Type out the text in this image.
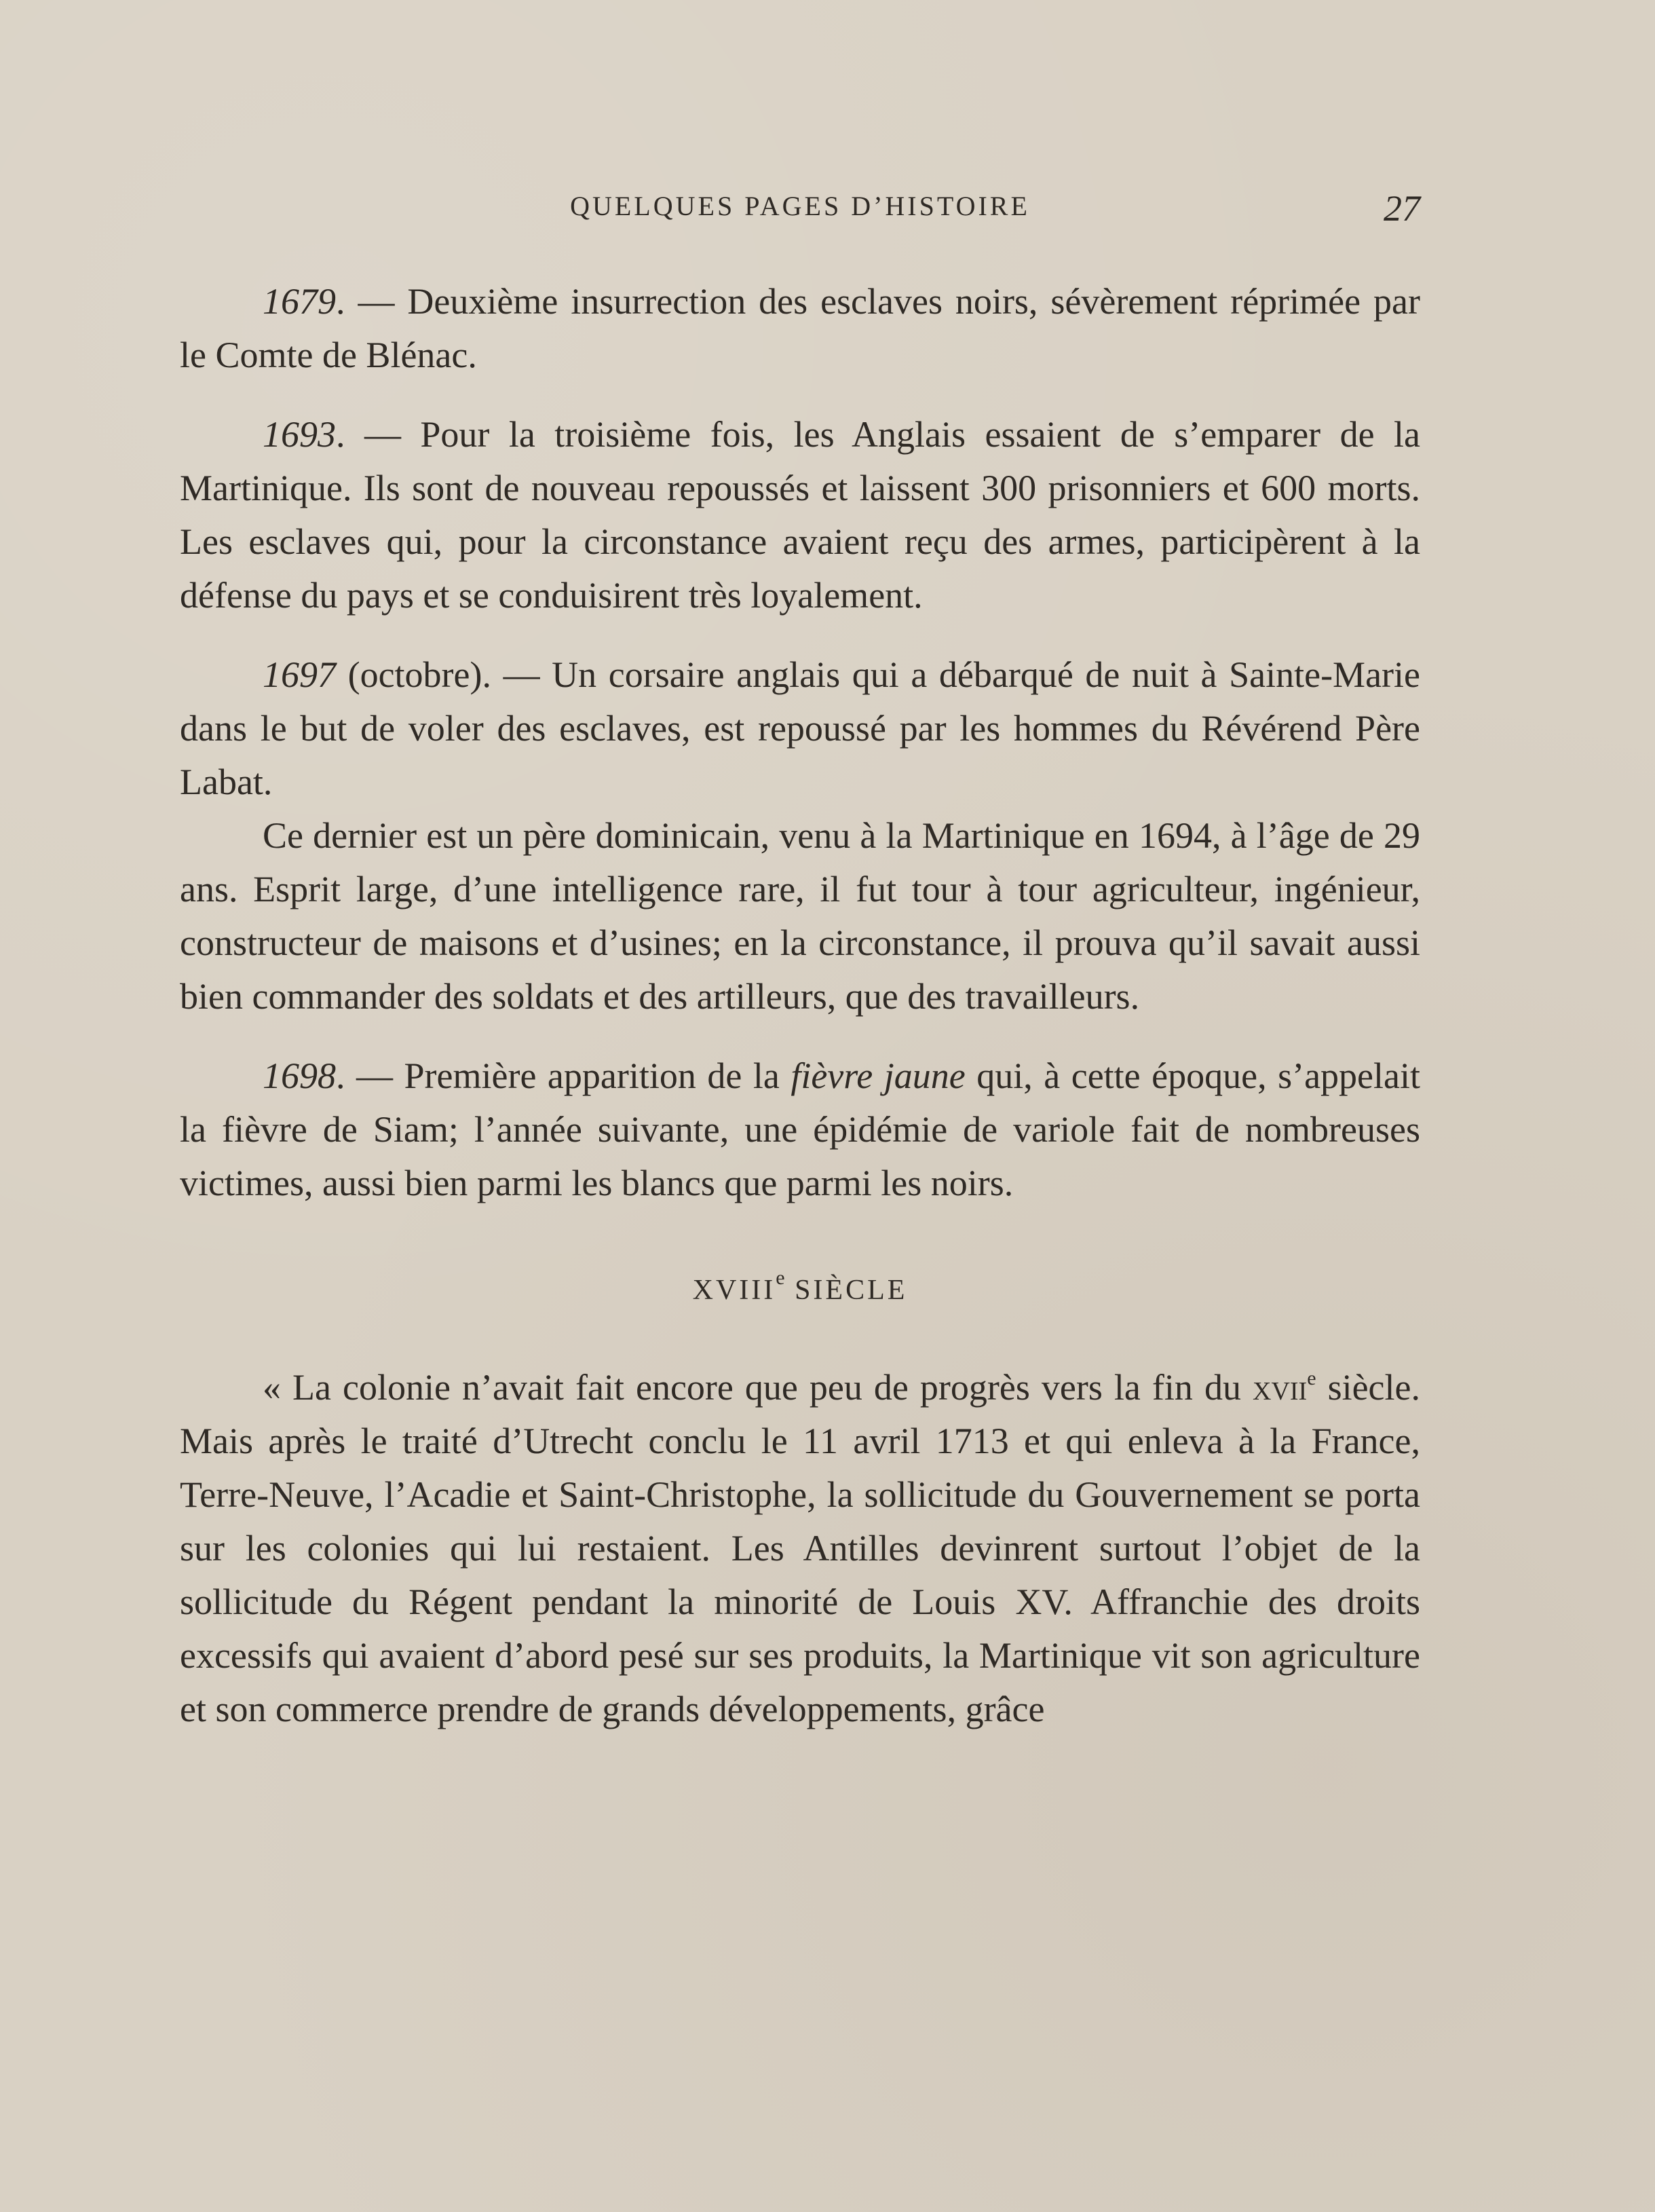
QUELQUES PAGES D’HISTOIRE	27

1679. — Deuxième insurrection des esclaves noirs, sévèrement réprimée par le Comte de Blénac.

1693. — Pour la troisième fois, les Anglais essaient de s’emparer de la Martinique. Ils sont de nouveau repoussés et laissent 300 prisonniers et 600 morts. Les esclaves qui, pour la circonstance avaient reçu des armes, participèrent à la défense du pays et se conduisirent très loyalement.

1697 (octobre). — Un corsaire anglais qui a débarqué de nuit à Sainte-Marie dans le but de voler des esclaves, est repoussé par les hommes du Révérend Père Labat.

Ce dernier est un père dominicain, venu à la Martinique en 1694, à l’âge de 29 ans. Esprit large, d’une intelligence rare, il fut tour à tour agriculteur, ingénieur, constructeur de maisons et d’usines; en la circonstance, il prouva qu’il savait aussi bien commander des soldats et des artilleurs, que des travailleurs.

1698. — Première apparition de la fièvre jaune qui, à cette époque, s’appelait la fièvre de Siam; l’année suivante, une épidémie de variole fait de nombreuses victimes, aussi bien parmi les blancs que parmi les noirs.

XVIIIe SIÈCLE

« La colonie n’avait fait encore que peu de progrès vers la fin du xvii$^e$ siècle. Mais après le traité d’Utrecht conclu le 11 avril 1713 et qui enleva à la France, Terre-Neuve, l’Acadie et Saint-Christophe, la sollicitude du Gouvernement se porta sur les colonies qui lui restaient. Les Antilles devinrent surtout l’objet de la sollicitude du Régent pendant la minorité de Louis XV. Affranchie des droits excessifs qui avaient d’abord pesé sur ses produits, la Martinique vit son agriculture et son commerce prendre de grands développements, grâce
